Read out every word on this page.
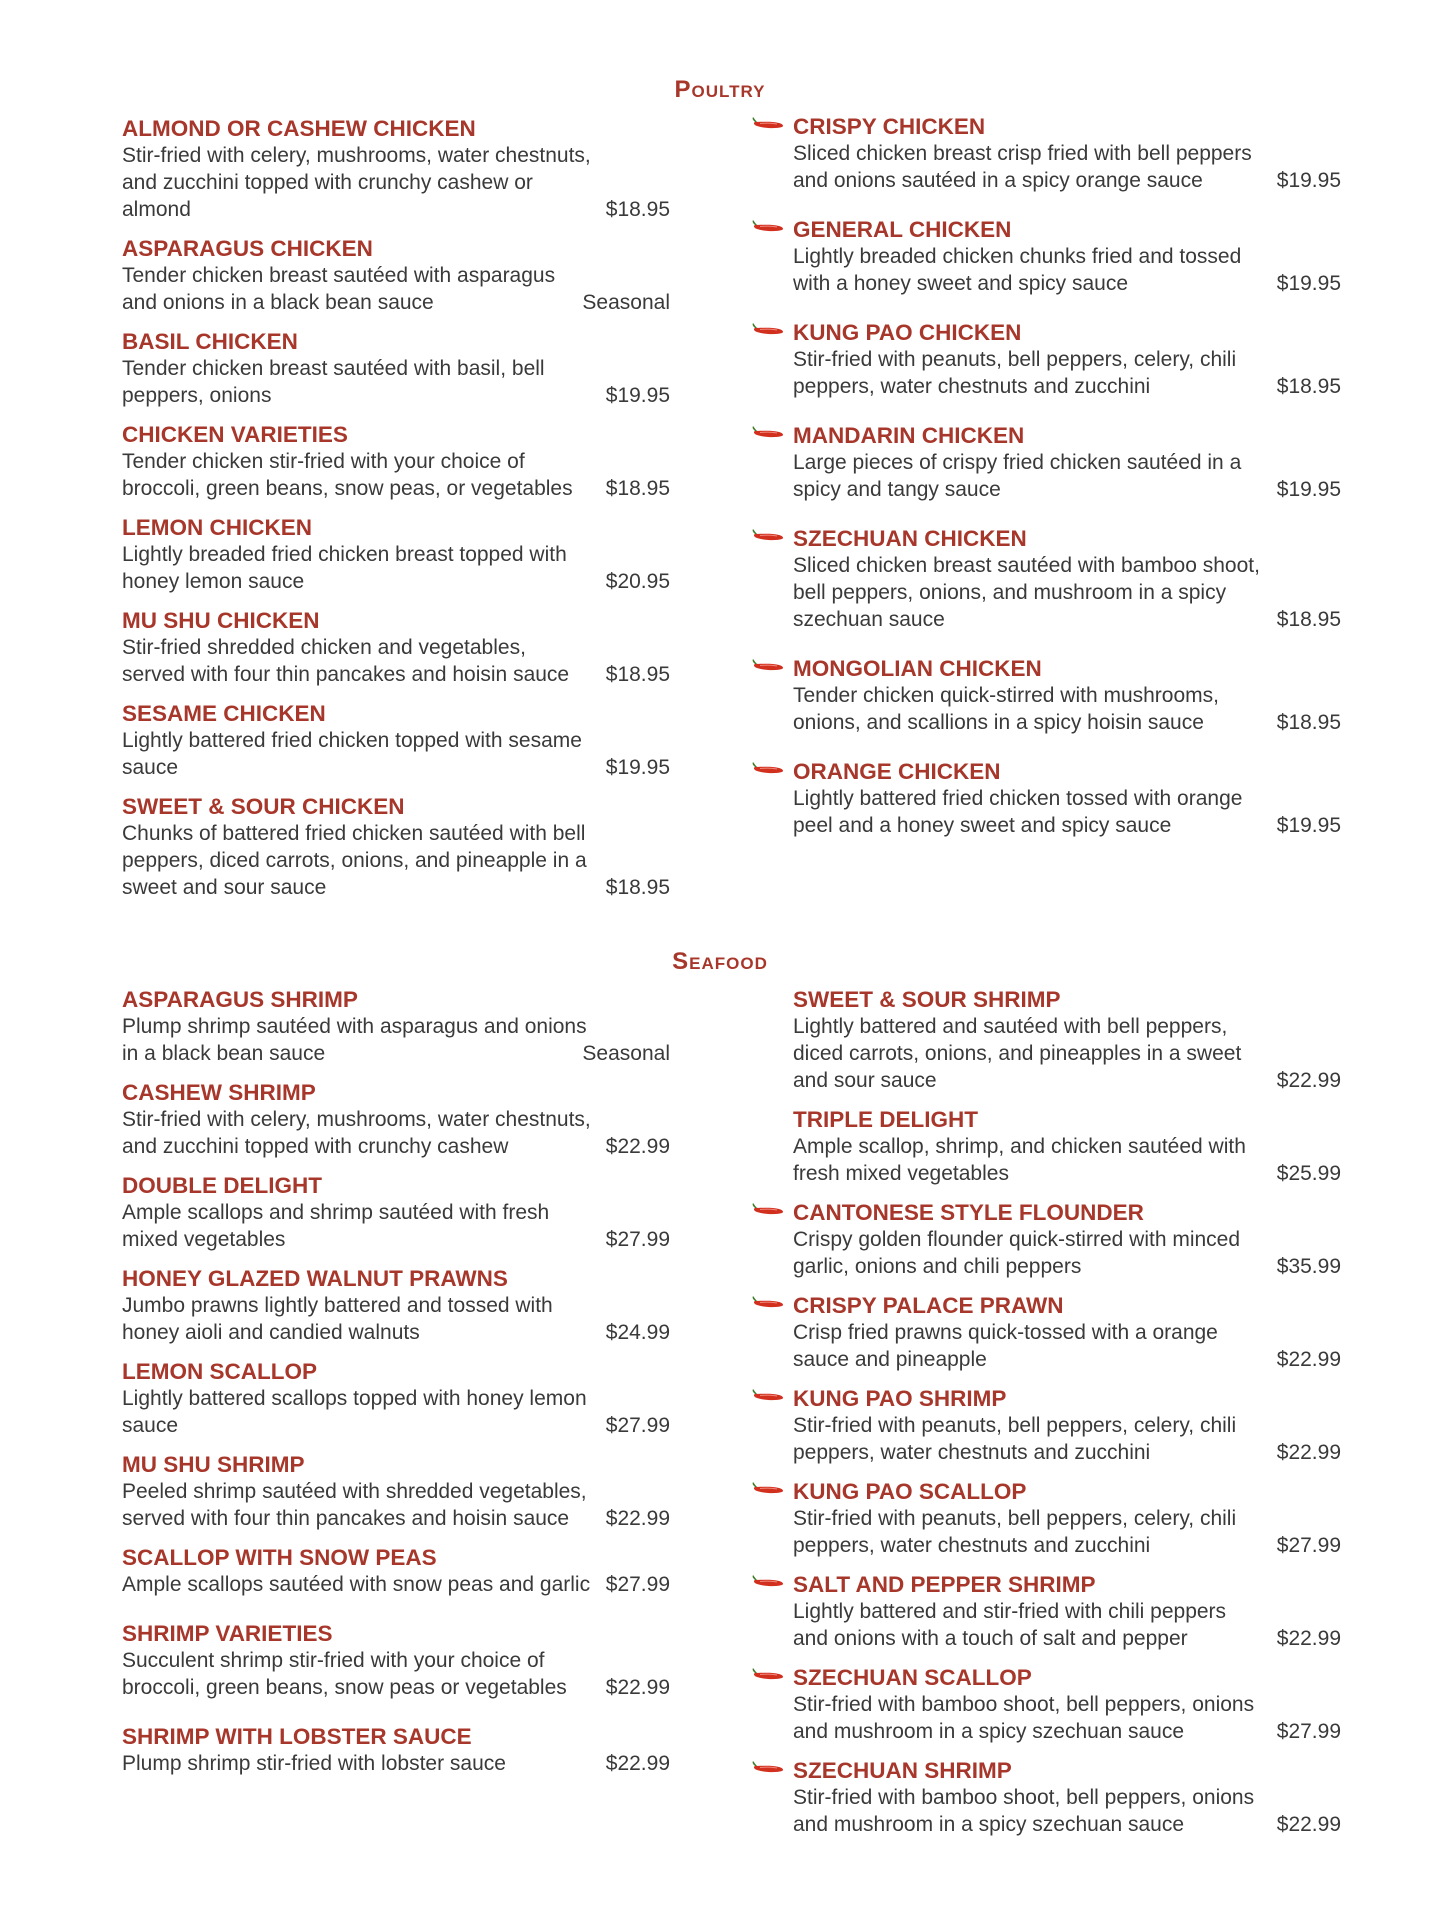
Poultry
ALMOND OR CASHEW CHICKEN
Stir-fried with celery, mushrooms, water chestnuts, and zucchini topped with crunchy cashew or almond	$18.95
ASPARAGUS CHICKEN
Tender chicken breast sautéed with asparagus and onions in a black bean sauce	Seasonal
BASIL CHICKEN
Tender chicken breast sautéed with basil, bell peppers, onions	$19.95
CHICKEN VARIETIES
Tender chicken stir-fried with your choice of broccoli, green beans, snow peas, or vegetables	$18.95
LEMON CHICKEN
Lightly breaded fried chicken breast topped with honey lemon sauce	$20.95
MU SHU CHICKEN
Stir-fried shredded chicken and vegetables, served with four thin pancakes and hoisin sauce	$18.95
SESAME CHICKEN
Lightly battered fried chicken topped with sesame sauce	$19.95
SWEET & SOUR CHICKEN
Chunks of battered fried chicken sautéed with bell peppers, diced carrots, onions, and pineapple in a sweet and sour sauce	$18.95
CRISPY CHICKEN
Sliced chicken breast crisp fried with bell peppers and onions sautéed in a spicy orange sauce	$19.95
GENERAL CHICKEN
Lightly breaded chicken chunks fried and tossed with a honey sweet and spicy sauce	$19.95
KUNG PAO CHICKEN
Stir-fried with peanuts, bell peppers, celery, chili peppers, water chestnuts and zucchini	$18.95
MANDARIN CHICKEN
Large pieces of crispy fried chicken sautéed in a spicy and tangy sauce	$19.95
SZECHUAN CHICKEN
Sliced chicken breast sautéed with bamboo shoot, bell peppers, onions, and mushroom in a spicy szechuan sauce	$18.95
MONGOLIAN CHICKEN
Tender chicken quick-stirred with mushrooms, onions, and scallions in a spicy hoisin sauce	$18.95
ORANGE CHICKEN
Lightly battered fried chicken tossed with orange peel and a honey sweet and spicy sauce	$19.95
Seafood
ASPARAGUS SHRIMP
Plump shrimp sautéed with asparagus and onions in a black bean sauce	Seasonal
CASHEW SHRIMP
Stir-fried with celery, mushrooms, water chestnuts, and zucchini topped with crunchy cashew	$22.99
DOUBLE DELIGHT
Ample scallops and shrimp sautéed with fresh mixed vegetables	$27.99
HONEY GLAZED WALNUT PRAWNS
Jumbo prawns lightly battered and tossed with honey aioli and candied walnuts	$24.99
LEMON SCALLOP
Lightly battered scallops topped with honey lemon sauce	$27.99
MU SHU SHRIMP
Peeled shrimp sautéed with shredded vegetables, served with four thin pancakes and hoisin sauce	$22.99
SCALLOP WITH SNOW PEAS
Ample scallops sautéed with snow peas and garlic $27.99
SHRIMP VARIETIES
Succulent shrimp stir-fried with your choice of broccoli, green beans, snow peas or vegetables	$22.99
SHRIMP WITH LOBSTER SAUCE
Plump shrimp stir-fried with lobster sauce	$22.99
SWEET & SOUR SHRIMP
Lightly battered and sautéed with bell peppers, diced carrots, onions, and pineapples in a sweet and sour sauce	$22.99
TRIPLE DELIGHT
Ample scallop, shrimp, and chicken sautéed with fresh mixed vegetables	$25.99
CANTONESE STYLE FLOUNDER
Crispy golden flounder quick-stirred with minced garlic, onions and chili peppers	$35.99
CRISPY PALACE PRAWN
Crisp fried prawns quick-tossed with a orange sauce and pineapple	$22.99
KUNG PAO SHRIMP
Stir-fried with peanuts, bell peppers, celery, chili peppers, water chestnuts and zucchini	$22.99
KUNG PAO SCALLOP
Stir-fried with peanuts, bell peppers, celery, chili peppers, water chestnuts and zucchini	$27.99
SALT AND PEPPER SHRIMP
Lightly battered and stir-fried with chili peppers and onions with a touch of salt and pepper	$22.99
SZECHUAN SCALLOP
Stir-fried with bamboo shoot, bell peppers, onions and mushroom in a spicy szechuan sauce	$27.99
SZECHUAN SHRIMP
Stir-fried with bamboo shoot, bell peppers, onions and mushroom in a spicy szechuan sauce	$22.99
